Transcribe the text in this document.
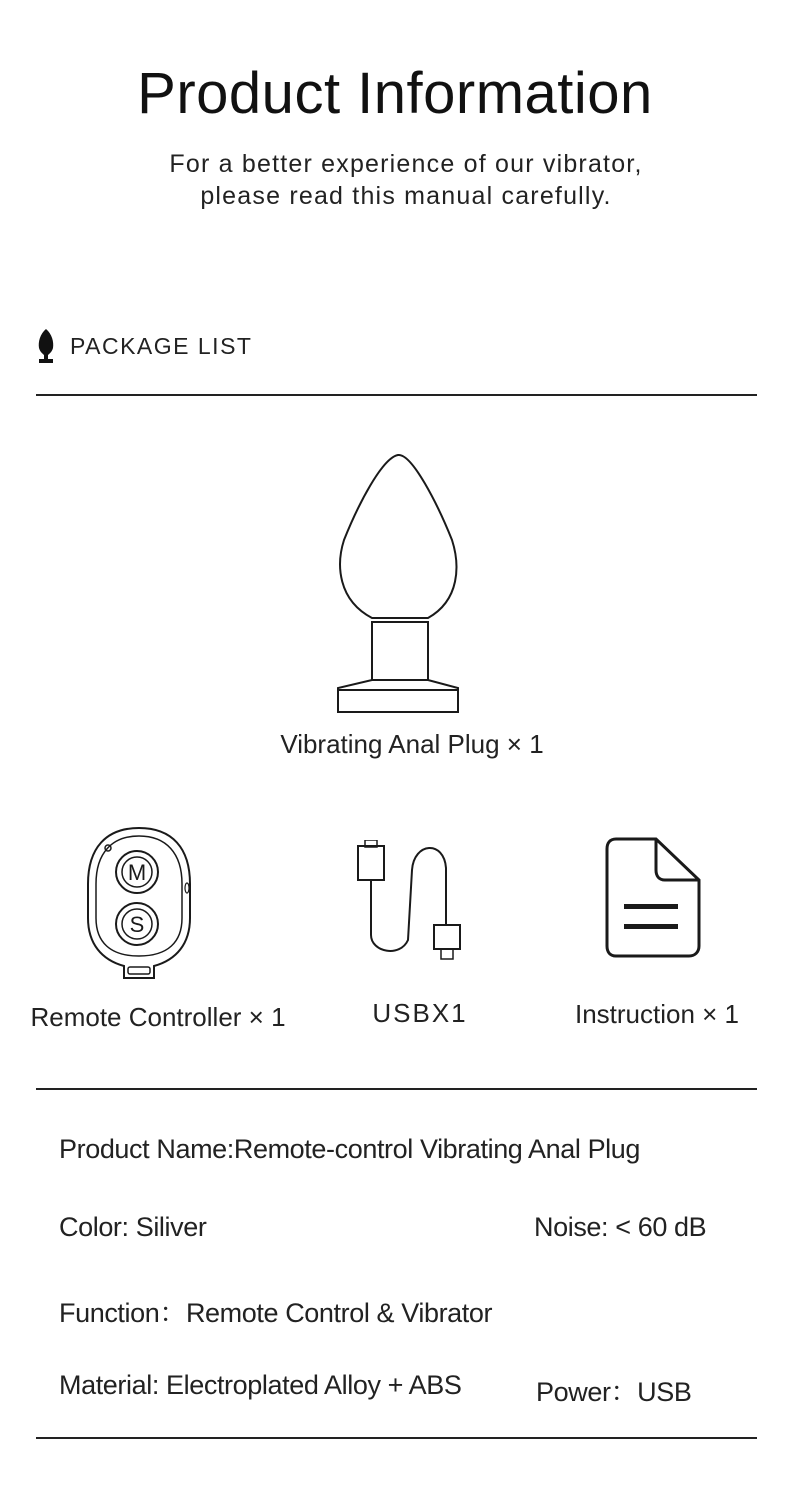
Product Information
For a better experience of our vibrator,
please read this manual carefully.
PACKAGE LIST
Vibrating Anal Plug × 1
M
S
Remote Controller × 1	USBX1	Instruction × 1
Product Name:Remote-control Vibrating Anal Plug
Color: Siliver	Noise: < 60 dB
Function：Remote Control & Vibrator
Material: Electroplated Alloy + ABS	Power：USB
